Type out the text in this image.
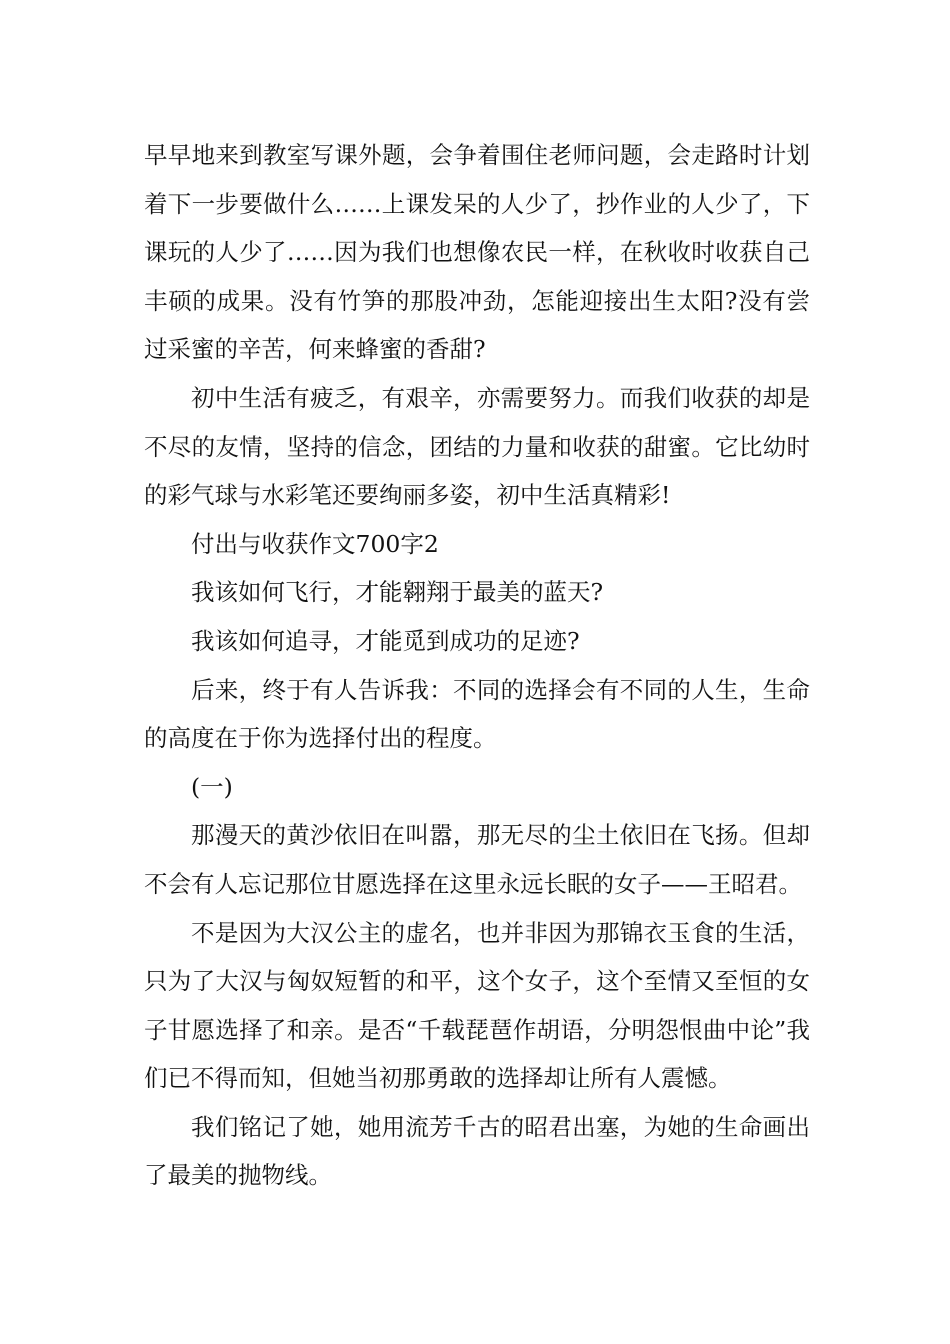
早早地来到教室写课外题，会争着围住老师问题，会走路时计划着下一步要做什么……上课发呆的人少了，抄作业的人少了，下课玩的人少了……因为我们也想像农民一样，在秋收时收获自己丰硕的成果。没有竹笋的那股冲劲，怎能迎接出生太阳?没有尝过采蜜的辛苦，何来蜂蜜的香甜?

初中生活有疲乏，有艰辛，亦需要努力。而我们收获的却是不尽的友情，坚持的信念，团结的力量和收获的甜蜜。它比幼时的彩气球与水彩笔还要绚丽多姿，初中生活真精彩!

付出与收获作文700字2

我该如何飞行，才能翱翔于最美的蓝天?

我该如何追寻，才能觅到成功的足迹?

后来，终于有人告诉我：不同的选择会有不同的人生，生命的高度在于你为选择付出的程度。

(一)

那漫天的黄沙依旧在叫嚣，那无尽的尘土依旧在飞扬。但却不会有人忘记那位甘愿选择在这里永远长眠的女子——王昭君。

不是因为大汉公主的虚名，也并非因为那锦衣玉食的生活，只为了大汉与匈奴短暂的和平，这个女子，这个至情又至恒的女子甘愿选择了和亲。是否“千载琵琶作胡语，分明怨恨曲中论”我们已不得而知，但她当初那勇敢的选择却让所有人震憾。

我们铭记了她，她用流芳千古的昭君出塞，为她的生命画出了最美的抛物线。
